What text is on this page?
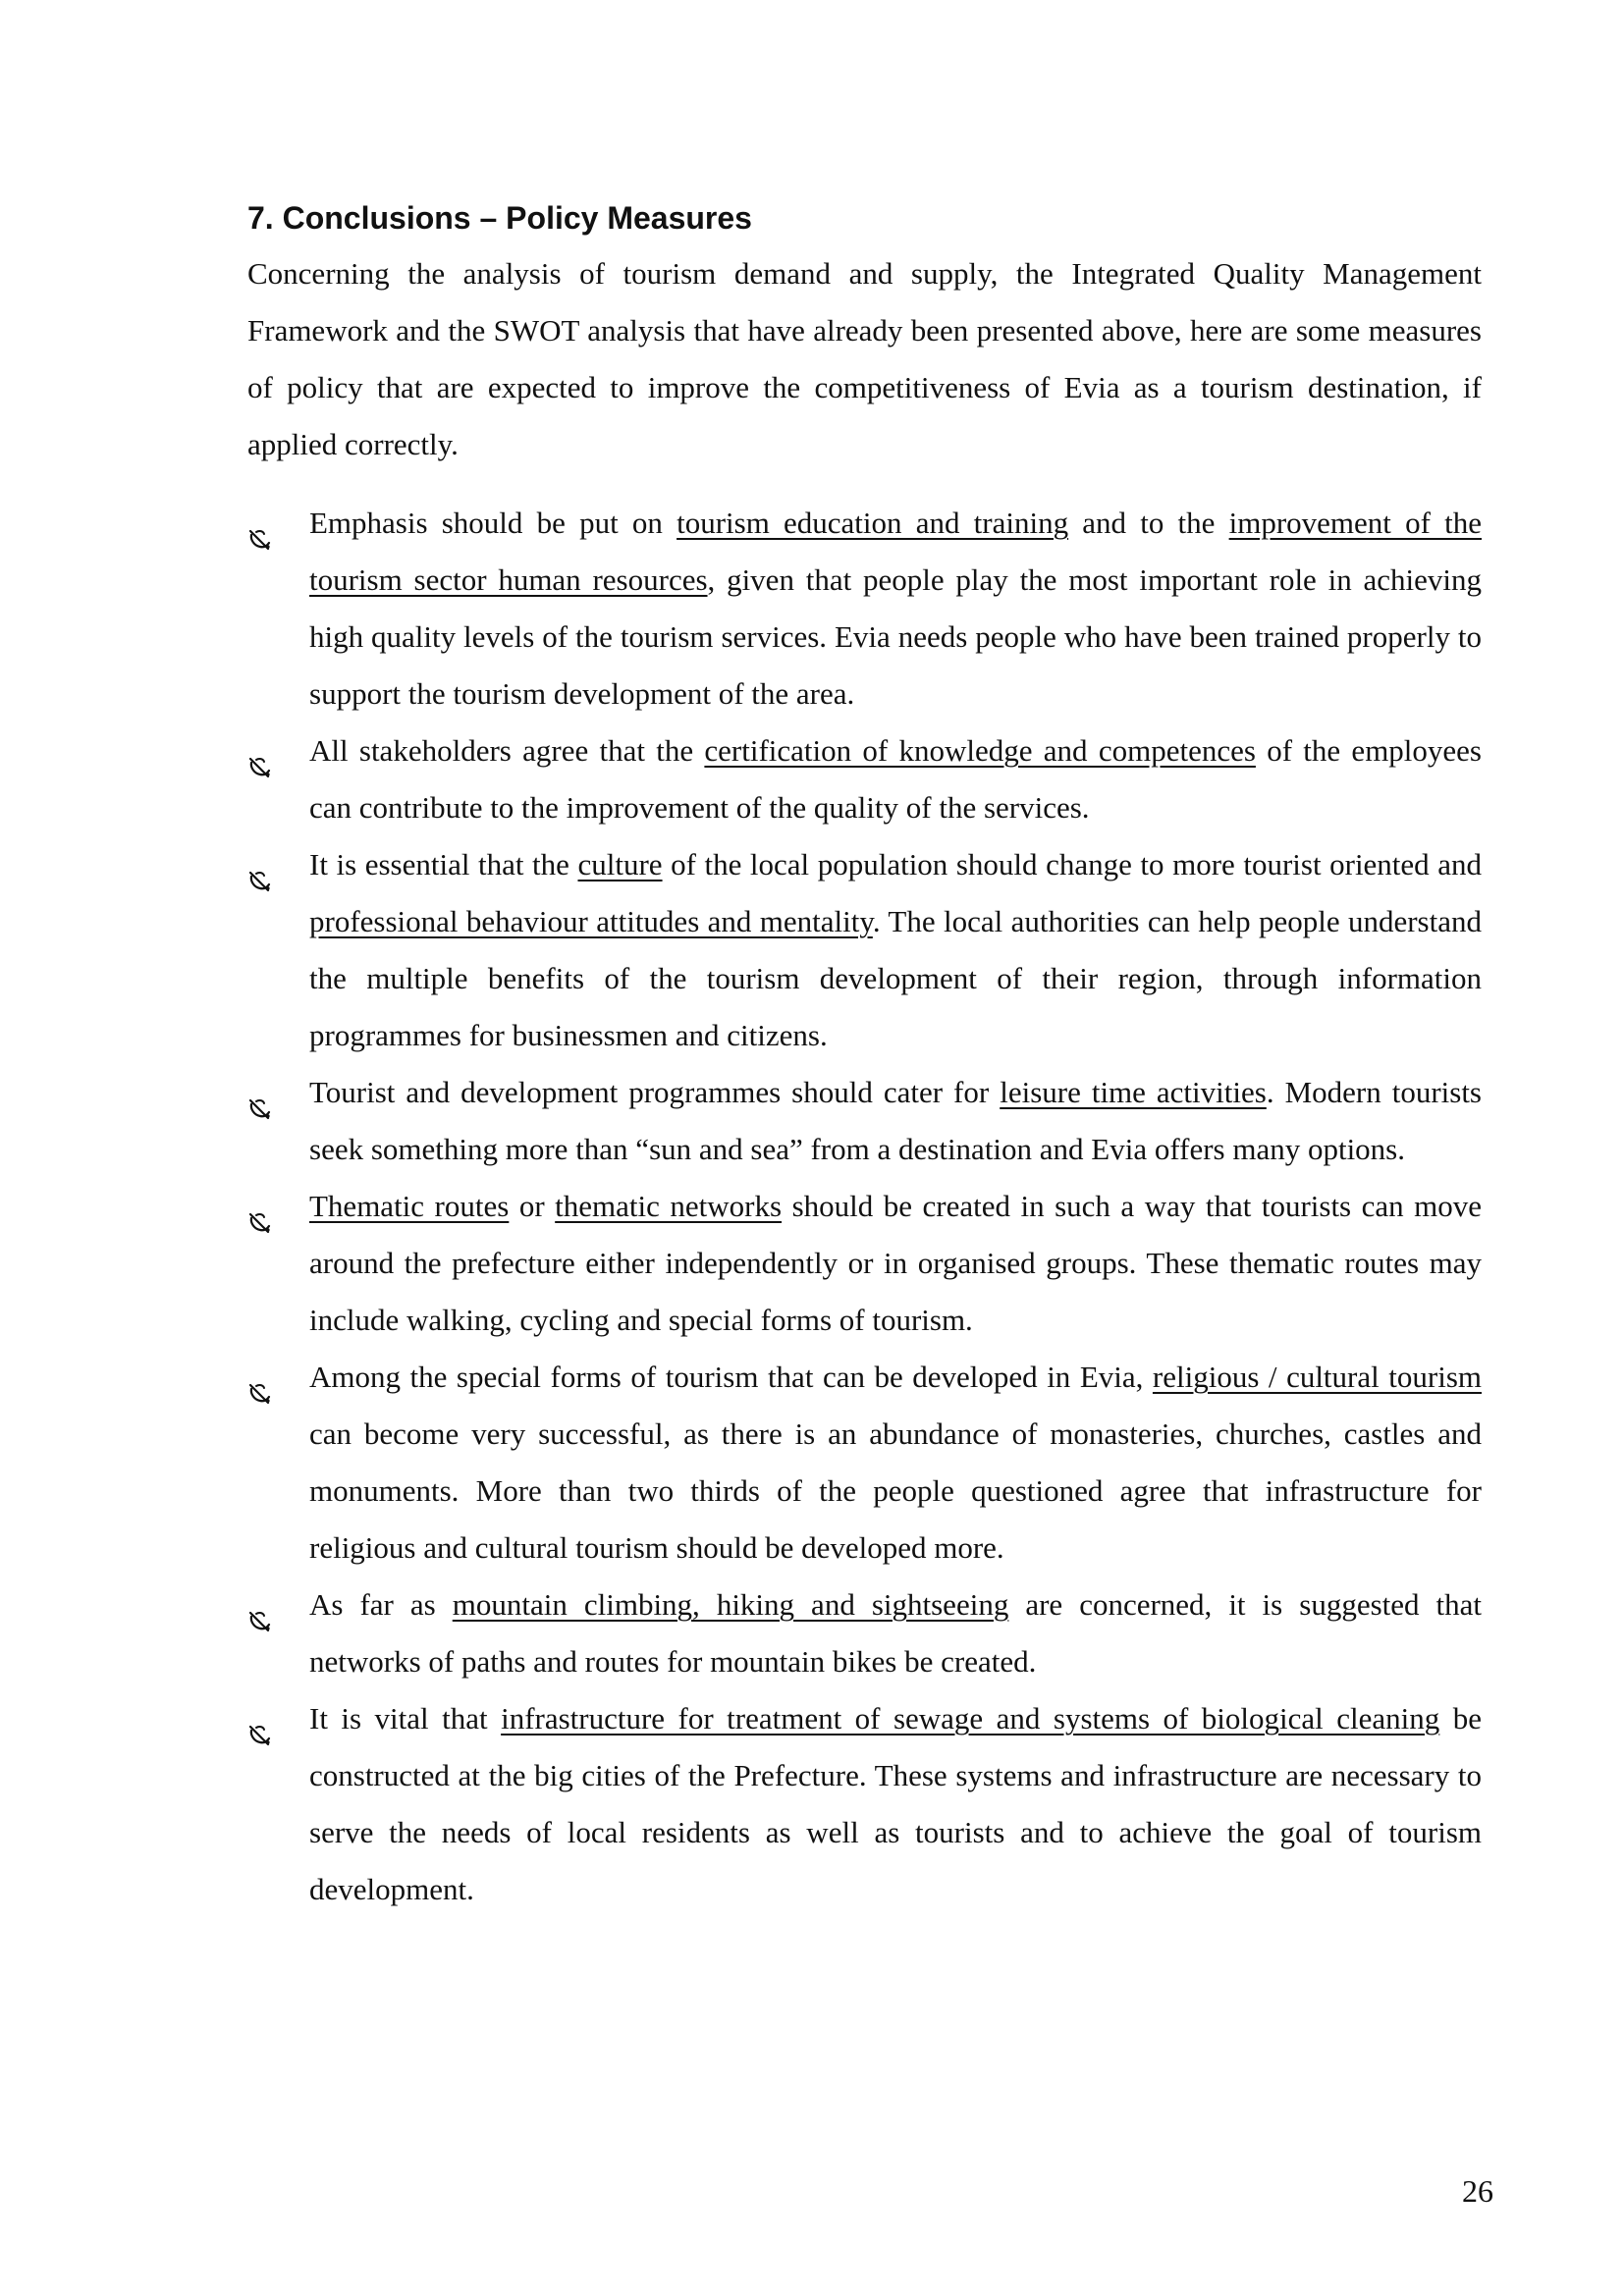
7. Conclusions – Policy Measures

Concerning the analysis of tourism demand and supply, the Integrated Quality Management Framework and the SWOT analysis that have already been presented above, here are some measures of policy that are expected to improve the competitiveness of Evia as a tourism destination, if applied correctly.

Emphasis should be put on tourism education and training and to the improvement of the tourism sector human resources, given that people play the most important role in achieving high quality levels of the tourism services. Evia needs people who have been trained properly to support the tourism development of the area.
All stakeholders agree that the certification of knowledge and competences of the employees can contribute to the improvement of the quality of the services.
It is essential that the culture of the local population should change to more tourist oriented and professional behaviour attitudes and mentality. The local authorities can help people understand the multiple benefits of the tourism development of their region, through information programmes for businessmen and citizens.
Tourist and development programmes should cater for leisure time activities. Modern tourists seek something more than “sun and sea” from a destination and Evia offers many options.
Thematic routes or thematic networks should be created in such a way that tourists can move around the prefecture either independently or in organised groups. These thematic routes may include walking, cycling and special forms of tourism.
Among the special forms of tourism that can be developed in Evia, religious / cultural tourism can become very successful, as there is an abundance of monasteries, churches, castles and monuments. More than two thirds of the people questioned agree that infrastructure for religious and cultural tourism should be developed more.
As far as mountain climbing, hiking and sightseeing are concerned, it is suggested that networks of paths and routes for mountain bikes be created.
It is vital that infrastructure for treatment of sewage and systems of biological cleaning be constructed at the big cities of the Prefecture. These systems and infrastructure are necessary to serve the needs of local residents as well as tourists and to achieve the goal of tourism development.
26
